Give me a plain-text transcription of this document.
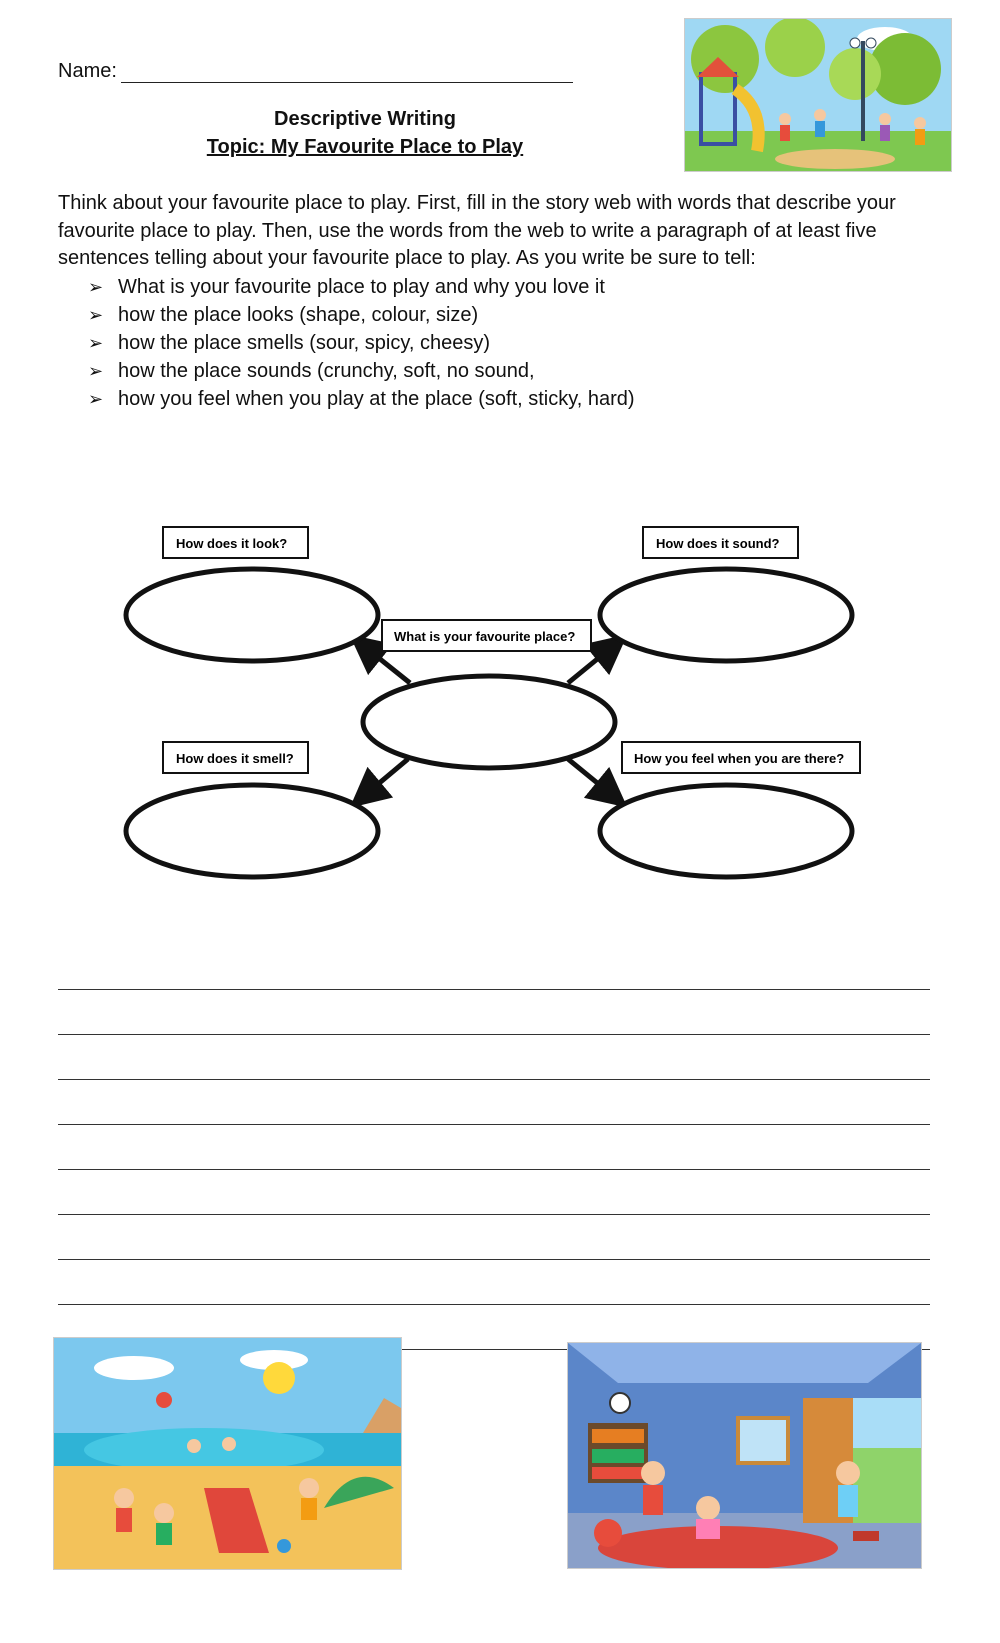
Name:
Descriptive Writing
Topic: My Favourite Place to Play
Think about your favourite place to play. First, fill in the story web with words that describe your favourite place to play. Then, use the words from the web to write a paragraph of at least five sentences telling about your favourite place to play. As you write be sure to tell:
➢ What is your favourite place to play and why you love it
➢ how the place looks (shape, colour, size)
➢ how the place smells (sour, spicy, cheesy)
➢ how the place sounds (crunchy, soft, no sound,
➢ how you feel when you play at the place (soft, sticky, hard)
How does it look?	How does it sound?
What is your favourite place?
How does it smell?	How you feel when you are there?
